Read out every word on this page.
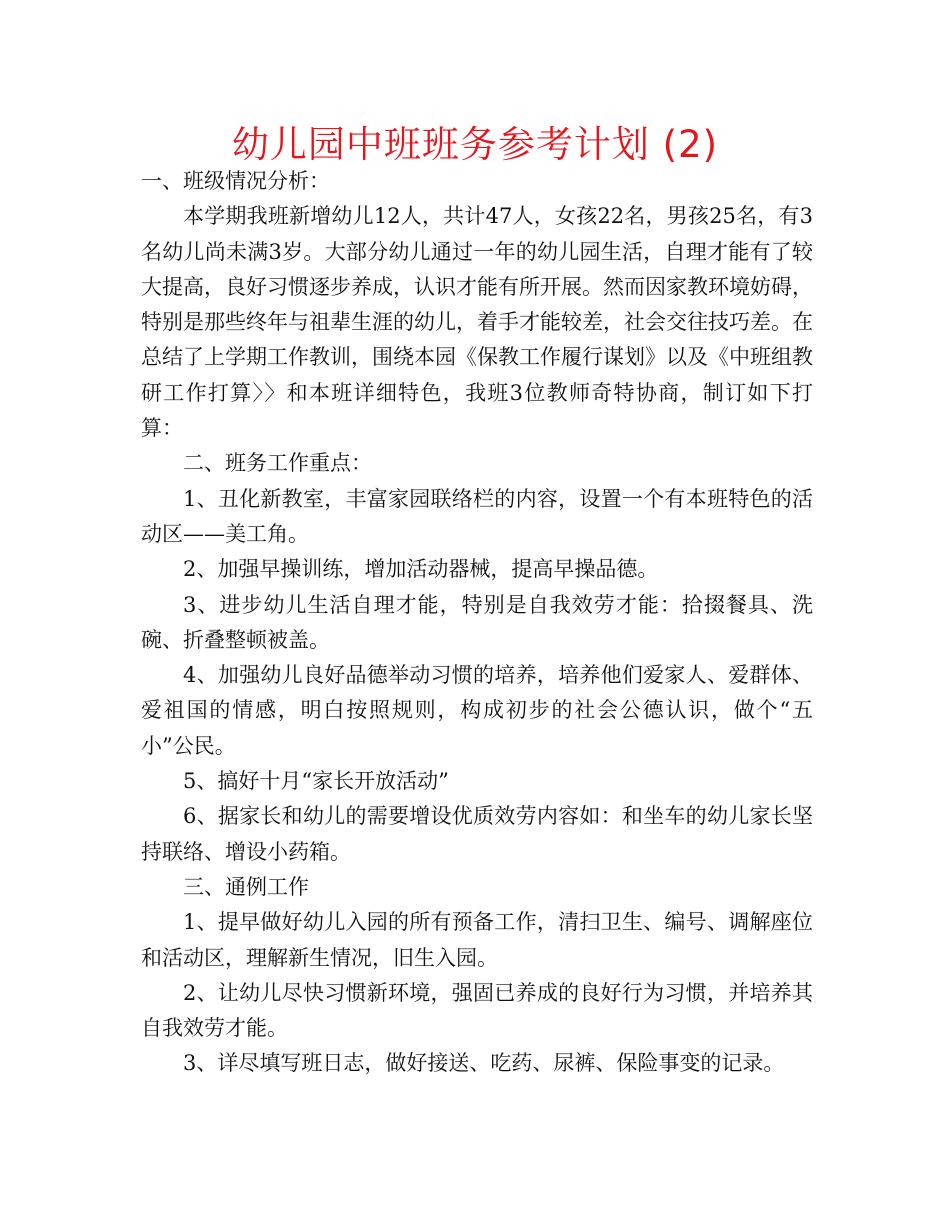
幼儿园中班班务参考计划 (2)

一、班级情况分析：

本学期我班新增幼儿12人，共计47人，女孩22名，男孩25名，有3名幼儿尚未满3岁。大部分幼儿通过一年的幼儿园生活，自理才能有了较大提高，良好习惯逐步养成，认识才能有所开展。然而因家教环境妨碍，特别是那些终年与祖辈生涯的幼儿，着手才能较差，社会交往技巧差。在总结了上学期工作教训，围绕本园《保教工作履行谋划》以及《中班组教研工作打算〉〉和本班详细特色，我班3位教师奇特协商，制订如下打算：

二、班务工作重点：

1、丑化新教室，丰富家园联络栏的内容，设置一个有本班特色的活动区——美工角。

2、加强早操训练，增加活动器械，提高早操品德。

3、进步幼儿生活自理才能，特别是自我效劳才能：拾掇餐具、洗碗、折叠整顿被盖。

4、加强幼儿良好品德举动习惯的培养，培养他们爱家人、爱群体、爱祖国的情感，明白按照规则，构成初步的社会公德认识，做个“五小”公民。

5、搞好十月“家长开放活动”

6、据家长和幼儿的需要增设优质效劳内容如：和坐车的幼儿家长坚持联络、增设小药箱。

三、通例工作

1、提早做好幼儿入园的所有预备工作，清扫卫生、编号、调解座位和活动区，理解新生情况，旧生入园。

2、让幼儿尽快习惯新环境，强固已养成的良好行为习惯，并培养其自我效劳才能。

3、详尽填写班日志，做好接送、吃药、尿裤、保险事变的记录。
